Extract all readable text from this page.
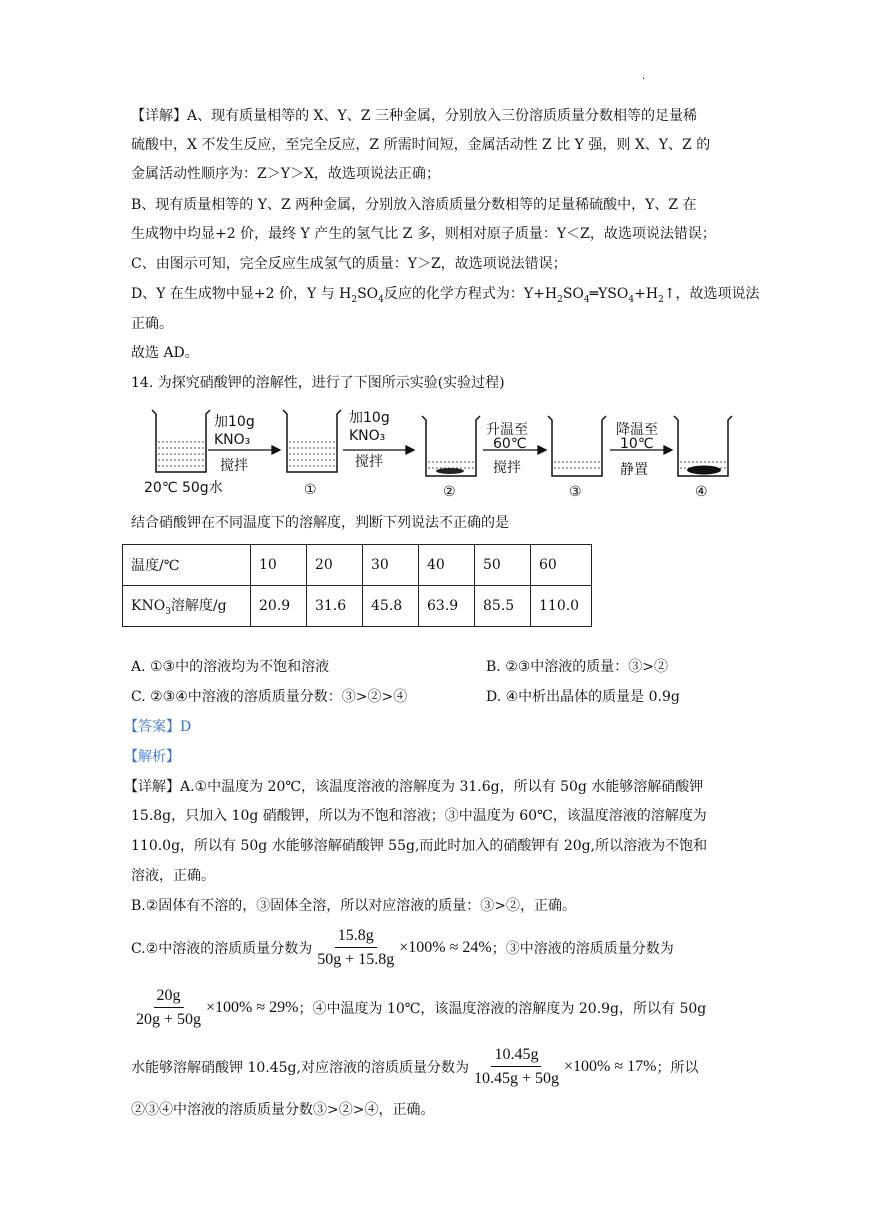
·
【详解】A、现有质量相等的 X、Y、Z 三种金属，分别放入三份溶质质量分数相等的足量稀
硫酸中，X 不发生反应，至完全反应，Z 所需时间短，金属活动性 Z 比 Y 强，则 X、Y、Z 的
金属活动性顺序为：Z＞Y＞X，故选项说法正确；
B、现有质量相等的 Y、Z 两种金属，分别放入溶质质量分数相等的足量稀硫酸中，Y、Z 在
生成物中均显+2 价，最终 Y 产生的氢气比 Z 多，则相对原子质量：Y＜Z，故选项说法错误；
C、由图示可知，完全反应生成氢气的质量：Y＞Z，故选项说法错误；
D、Y 在生成物中显+2 价，Y 与 $H_2SO_4$反应的化学方程式为：$Y+H_2SO_4═YSO_4+H_2↑$，故选项说法
正确。
故选 AD。
14. 为探究硝酸钾的溶解性，进行了下图所示实验(实验过程)
加10g
KNO₃
搅拌
加10g
KNO₃
搅拌
升温至
60℃
搅拌
降温至
10℃
静置
20℃ 50g水	①	②	③	④
结合硝酸钾在不同温度下的溶解度，判断下列说法不正确的是
温度/℃	10	20	30	40	50	60
$KNO_3$溶解度/g	20.9	31.6	45.8	63.9	85.5	110.0
A. ①③中的溶液均为不饱和溶液	B. ②③中溶液的质量：③>②
C. ②③④中溶液的溶质质量分数：③>②>④	D. ④中析出晶体的质量是 0.9g
【答案】D
【解析】
【详解】A.①中温度为 20℃，该温度溶液的溶解度为 31.6g，所以有 50g 水能够溶解硝酸钾
15.8g，只加入 10g 硝酸钾，所以为不饱和溶液；③中温度为 60℃，该温度溶液的溶解度为
110.0g，所以有 50g 水能够溶解硝酸钾 55g,而此时加入的硝酸钾有 20g,所以溶液为不饱和
溶液，正确。
B.②固体有不溶的，③固体全溶，所以对应溶液的质量：③>②，正确。
C.②中溶液的溶质质量分数为 $\frac{15.8g}{50g + 15.8g} \times 100\% \approx 24\%$ ；③中溶液的溶质质量分数为
$\frac{20g}{20g + 50g} \times 100\% \approx 29\%$ ；④中温度为 10℃，该温度溶液的溶解度为 20.9g，所以有 50g
水能够溶解硝酸钾 10.45g,对应溶液的溶质质量分数为 $\frac{10.45g}{10.45g + 50g} \times 100\% \approx 17\%$ ；所以
②③④中溶液的溶质质量分数③>②>④，正确。
